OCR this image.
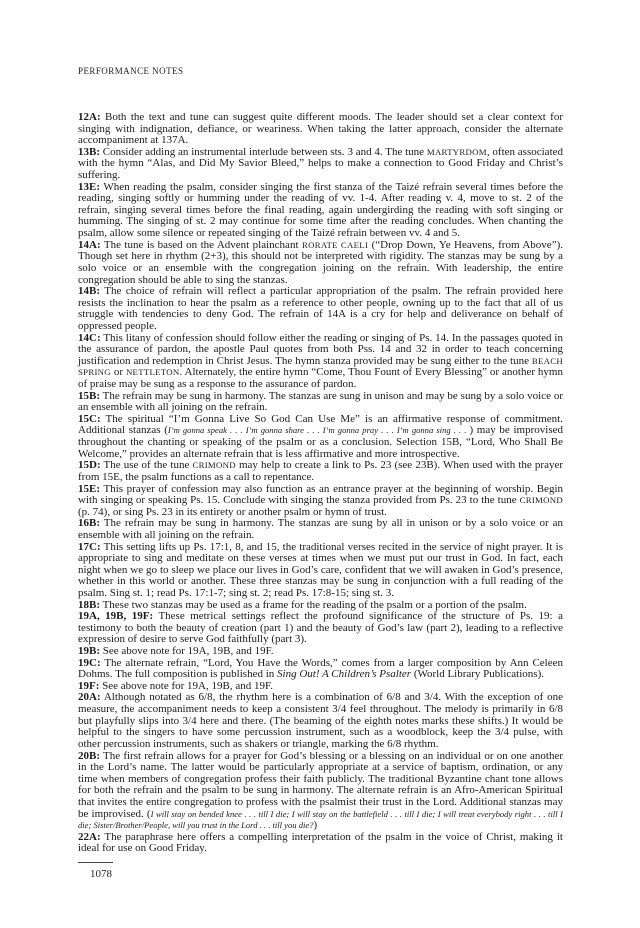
PERFORMANCE NOTES

12A: Both the text and tune can suggest quite different moods. The leader should set a clear context for singing with indignation, defiance, or weariness. When taking the latter approach, consider the alternate accompaniment at 137A.

13B: Consider adding an instrumental interlude between sts. 3 and 4. The tune MARTYRDOM, often associated with the hymn “Alas, and Did My Savior Bleed,” helps to make a connection to Good Friday and Christ’s suffering.

13E: When reading the psalm, consider singing the first stanza of the Taizé refrain several times before the reading, singing softly or humming under the reading of vv. 1-4. After reading v. 4, move to st. 2 of the refrain, singing several times before the final reading, again undergirding the reading with soft singing or humming. The singing of st. 2 may continue for some time after the reading concludes. When chanting the psalm, allow some silence or repeated singing of the Taizé refrain between vv. 4 and 5.

14A: The tune is based on the Advent plainchant RORATE CAELI (“Drop Down, Ye Heavens, from Above”). Though set here in rhythm (2+3), this should not be interpreted with rigidity. The stanzas may be sung by a solo voice or an ensemble with the congregation joining on the refrain. With leadership, the entire congregation should be able to sing the stanzas.

14B: The choice of refrain will reflect a particular appropriation of the psalm. The refrain provided here resists the inclination to hear the psalm as a reference to other people, owning up to the fact that all of us struggle with tendencies to deny God. The refrain of 14A is a cry for help and deliverance on behalf of oppressed people.

14C: This litany of confession should follow either the reading or singing of Ps. 14. In the passages quoted in the assurance of pardon, the apostle Paul quotes from both Pss. 14 and 32 in order to teach concerning justification and redemption in Christ Jesus. The hymn stanza provided may be sung either to the tune BEACH SPRING or NETTLETON. Alternately, the entire hymn “Come, Thou Fount of Every Blessing” or another hymn of praise may be sung as a response to the assurance of pardon.

15B: The refrain may be sung in harmony. The stanzas are sung in unison and may be sung by a solo voice or an ensemble with all joining on the refrain.

15C: The spiritual “I’m Gonna Live So God Can Use Me” is an affirmative response of commitment. Additional stanzas (I’m gonna speak . . . I’m gonna share . . . I’m gonna pray . . . I’m gonna sing . . . ) may be improvised throughout the chanting or speaking of the psalm or as a conclusion. Selection 15B, “Lord, Who Shall Be Welcome,” provides an alternate refrain that is less affirmative and more introspective.

15D: The use of the tune CRIMOND may help to create a link to Ps. 23 (see 23B). When used with the prayer from 15E, the psalm functions as a call to repentance.

15E: This prayer of confession may also function as an entrance prayer at the beginning of worship. Begin with singing or speaking Ps. 15. Conclude with singing the stanza provided from Ps. 23 to the tune CRIMOND (p. 74), or sing Ps. 23 in its entirety or another psalm or hymn of trust.

16B: The refrain may be sung in harmony. The stanzas are sung by all in unison or by a solo voice or an ensemble with all joining on the refrain.

17C: This setting lifts up Ps. 17:1, 8, and 15, the traditional verses recited in the service of night prayer. It is appropriate to sing and meditate on these verses at times when we must put our trust in God. In fact, each night when we go to sleep we place our lives in God’s care, confident that we will awaken in God’s presence, whether in this world or another. These three stanzas may be sung in conjunction with a full reading of the psalm. Sing st. 1; read Ps. 17:1-7; sing st. 2; read Ps. 17:8-15; sing st. 3.

18B: These two stanzas may be used as a frame for the reading of the psalm or a portion of the psalm.

19A, 19B, 19F: These metrical settings reflect the profound significance of the structure of Ps. 19: a testimony to both the beauty of creation (part 1) and the beauty of God’s law (part 2), leading to a reflective expression of desire to serve God faithfully (part 3).

19B: See above note for 19A, 19B, and 19F.

19C: The alternate refrain, “Lord, You Have the Words,” comes from a larger composition by Ann Celeen Dohms. The full composition is published in Sing Out! A Children’s Psalter (World Library Publications).

19F: See above note for 19A, 19B, and 19F.

20A: Although notated as 6/8, the rhythm here is a combination of 6/8 and 3/4. With the exception of one measure, the accompaniment needs to keep a consistent 3/4 feel throughout. The melody is primarily in 6/8 but playfully slips into 3/4 here and there. (The beaming of the eighth notes marks these shifts.) It would be helpful to the singers to have some percussion instrument, such as a woodblock, keep the 3/4 pulse, with other percussion instruments, such as shakers or triangle, marking the 6/8 rhythm.

20B: The first refrain allows for a prayer for God’s blessing or a blessing on an individual or on one another in the Lord’s name. The latter would be particularly appropriate at a service of baptism, ordination, or any time when members of congregation profess their faith publicly. The traditional Byzantine chant tone allows for both the refrain and the psalm to be sung in harmony. The alternate refrain is an Afro-American Spiritual that invites the entire congregation to profess with the psalmist their trust in the Lord. Additional stanzas may be improvised. (I will stay on bended knee . . . till I die; I will stay on the battlefield . . . till I die; I will treat everybody right . . . till I die; Sister/Brother/People, will you trust in the Lord . . . till you die?)

22A: The paraphrase here offers a compelling interpretation of the psalm in the voice of Christ, making it ideal for use on Good Friday.

1078
